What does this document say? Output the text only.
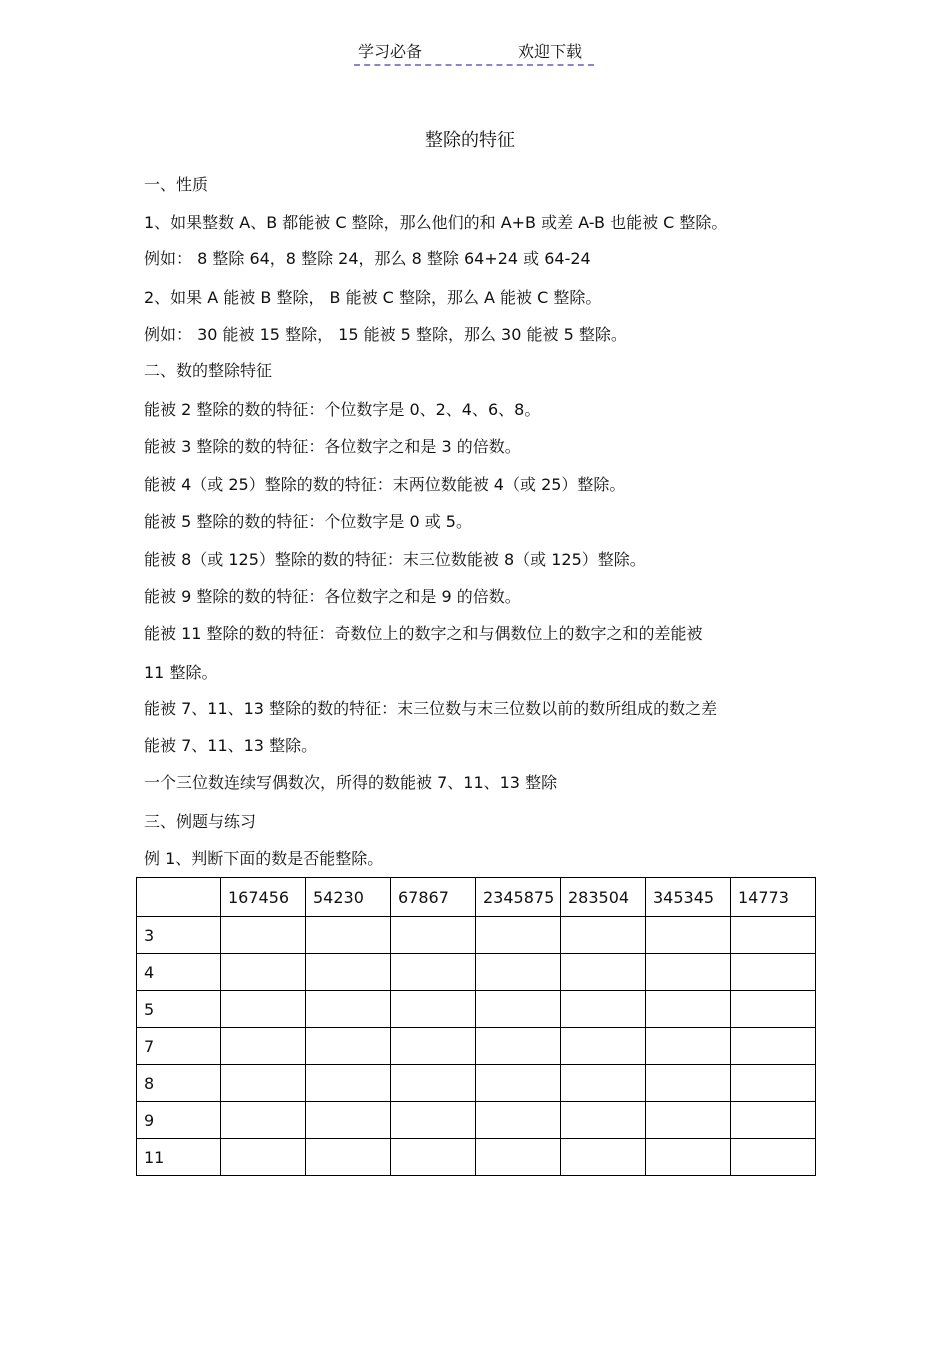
学习必备	欢迎下载
整除的特征
一、性质
1、如果整数 A、B 都能被 C 整除，那么他们的和 A+B 或差 A-B 也能被 C 整除。
例如： 8 整除 64，8 整除 24，那么 8 整除 64+24 或 64-24
2、如果 A 能被 B 整除， B 能被 C 整除，那么 A 能被 C 整除。
例如： 30 能被 15 整除， 15 能被 5 整除，那么 30 能被 5 整除。
二、数的整除特征
能被 2 整除的数的特征：个位数字是 0、2、4、6、8。
能被 3 整除的数的特征：各位数字之和是 3 的倍数。
能被 4（或 25）整除的数的特征：末两位数能被 4（或 25）整除。
能被 5 整除的数的特征：个位数字是 0 或 5。
能被 8（或 125）整除的数的特征：末三位数能被 8（或 125）整除。
能被 9 整除的数的特征：各位数字之和是 9 的倍数。
能被 11 整除的数的特征：奇数位上的数字之和与偶数位上的数字之和的差能被
11 整除。
能被 7、11、13 整除的数的特征：末三位数与末三位数以前的数所组成的数之差
能被 7、11、13 整除。
一个三位数连续写偶数次，所得的数能被 7、11、13 整除
三、例题与练习
例 1、判断下面的数是否能整除。
	167456	54230	67867	2345875	283504	345345	14773
3							
4							
5							
7							
8							
9							
11							
